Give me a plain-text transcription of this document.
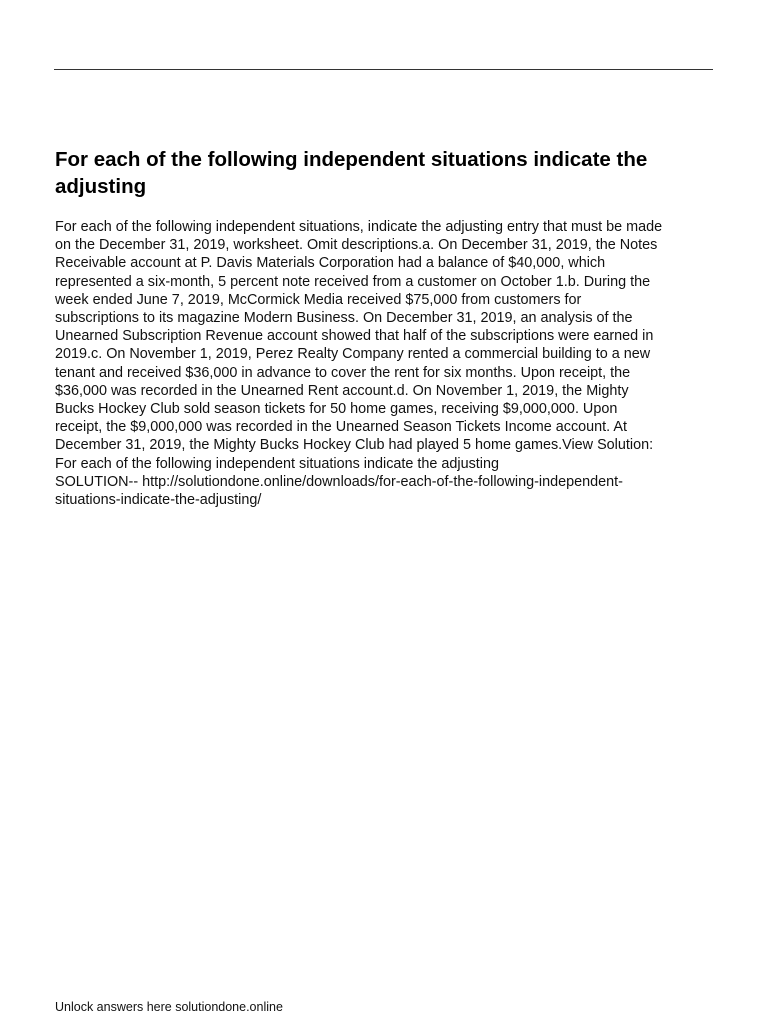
For each of the following independent situations indicate the adjusting
For each of the following independent situations, indicate the adjusting entry that must be made
on the December 31, 2019, worksheet. Omit descriptions.a. On December 31, 2019, the Notes
Receivable account at P. Davis Materials Corporation had a balance of $40,000, which
represented a six-month, 5 percent note received from a customer on October 1.b. During the
week ended June 7, 2019, McCormick Media received $75,000 from customers for
subscriptions to its magazine Modern Business. On December 31, 2019, an analysis of the
Unearned Subscription Revenue account showed that half of the subscriptions were earned in
2019.c. On November 1, 2019, Perez Realty Company rented a commercial building to a new
tenant and received $36,000 in advance to cover the rent for six months. Upon receipt, the
$36,000 was recorded in the Unearned Rent account.d. On November 1, 2019, the Mighty
Bucks Hockey Club sold season tickets for 50 home games, receiving $9,000,000. Upon
receipt, the $9,000,000 was recorded in the Unearned Season Tickets Income account. At
December 31, 2019, the Mighty Bucks Hockey Club had played 5 home games.View Solution:
For each of the following independent situations indicate the adjusting
SOLUTION-- http://solutiondone.online/downloads/for-each-of-the-following-independent-
situations-indicate-the-adjusting/
Unlock answers here solutiondone.online
